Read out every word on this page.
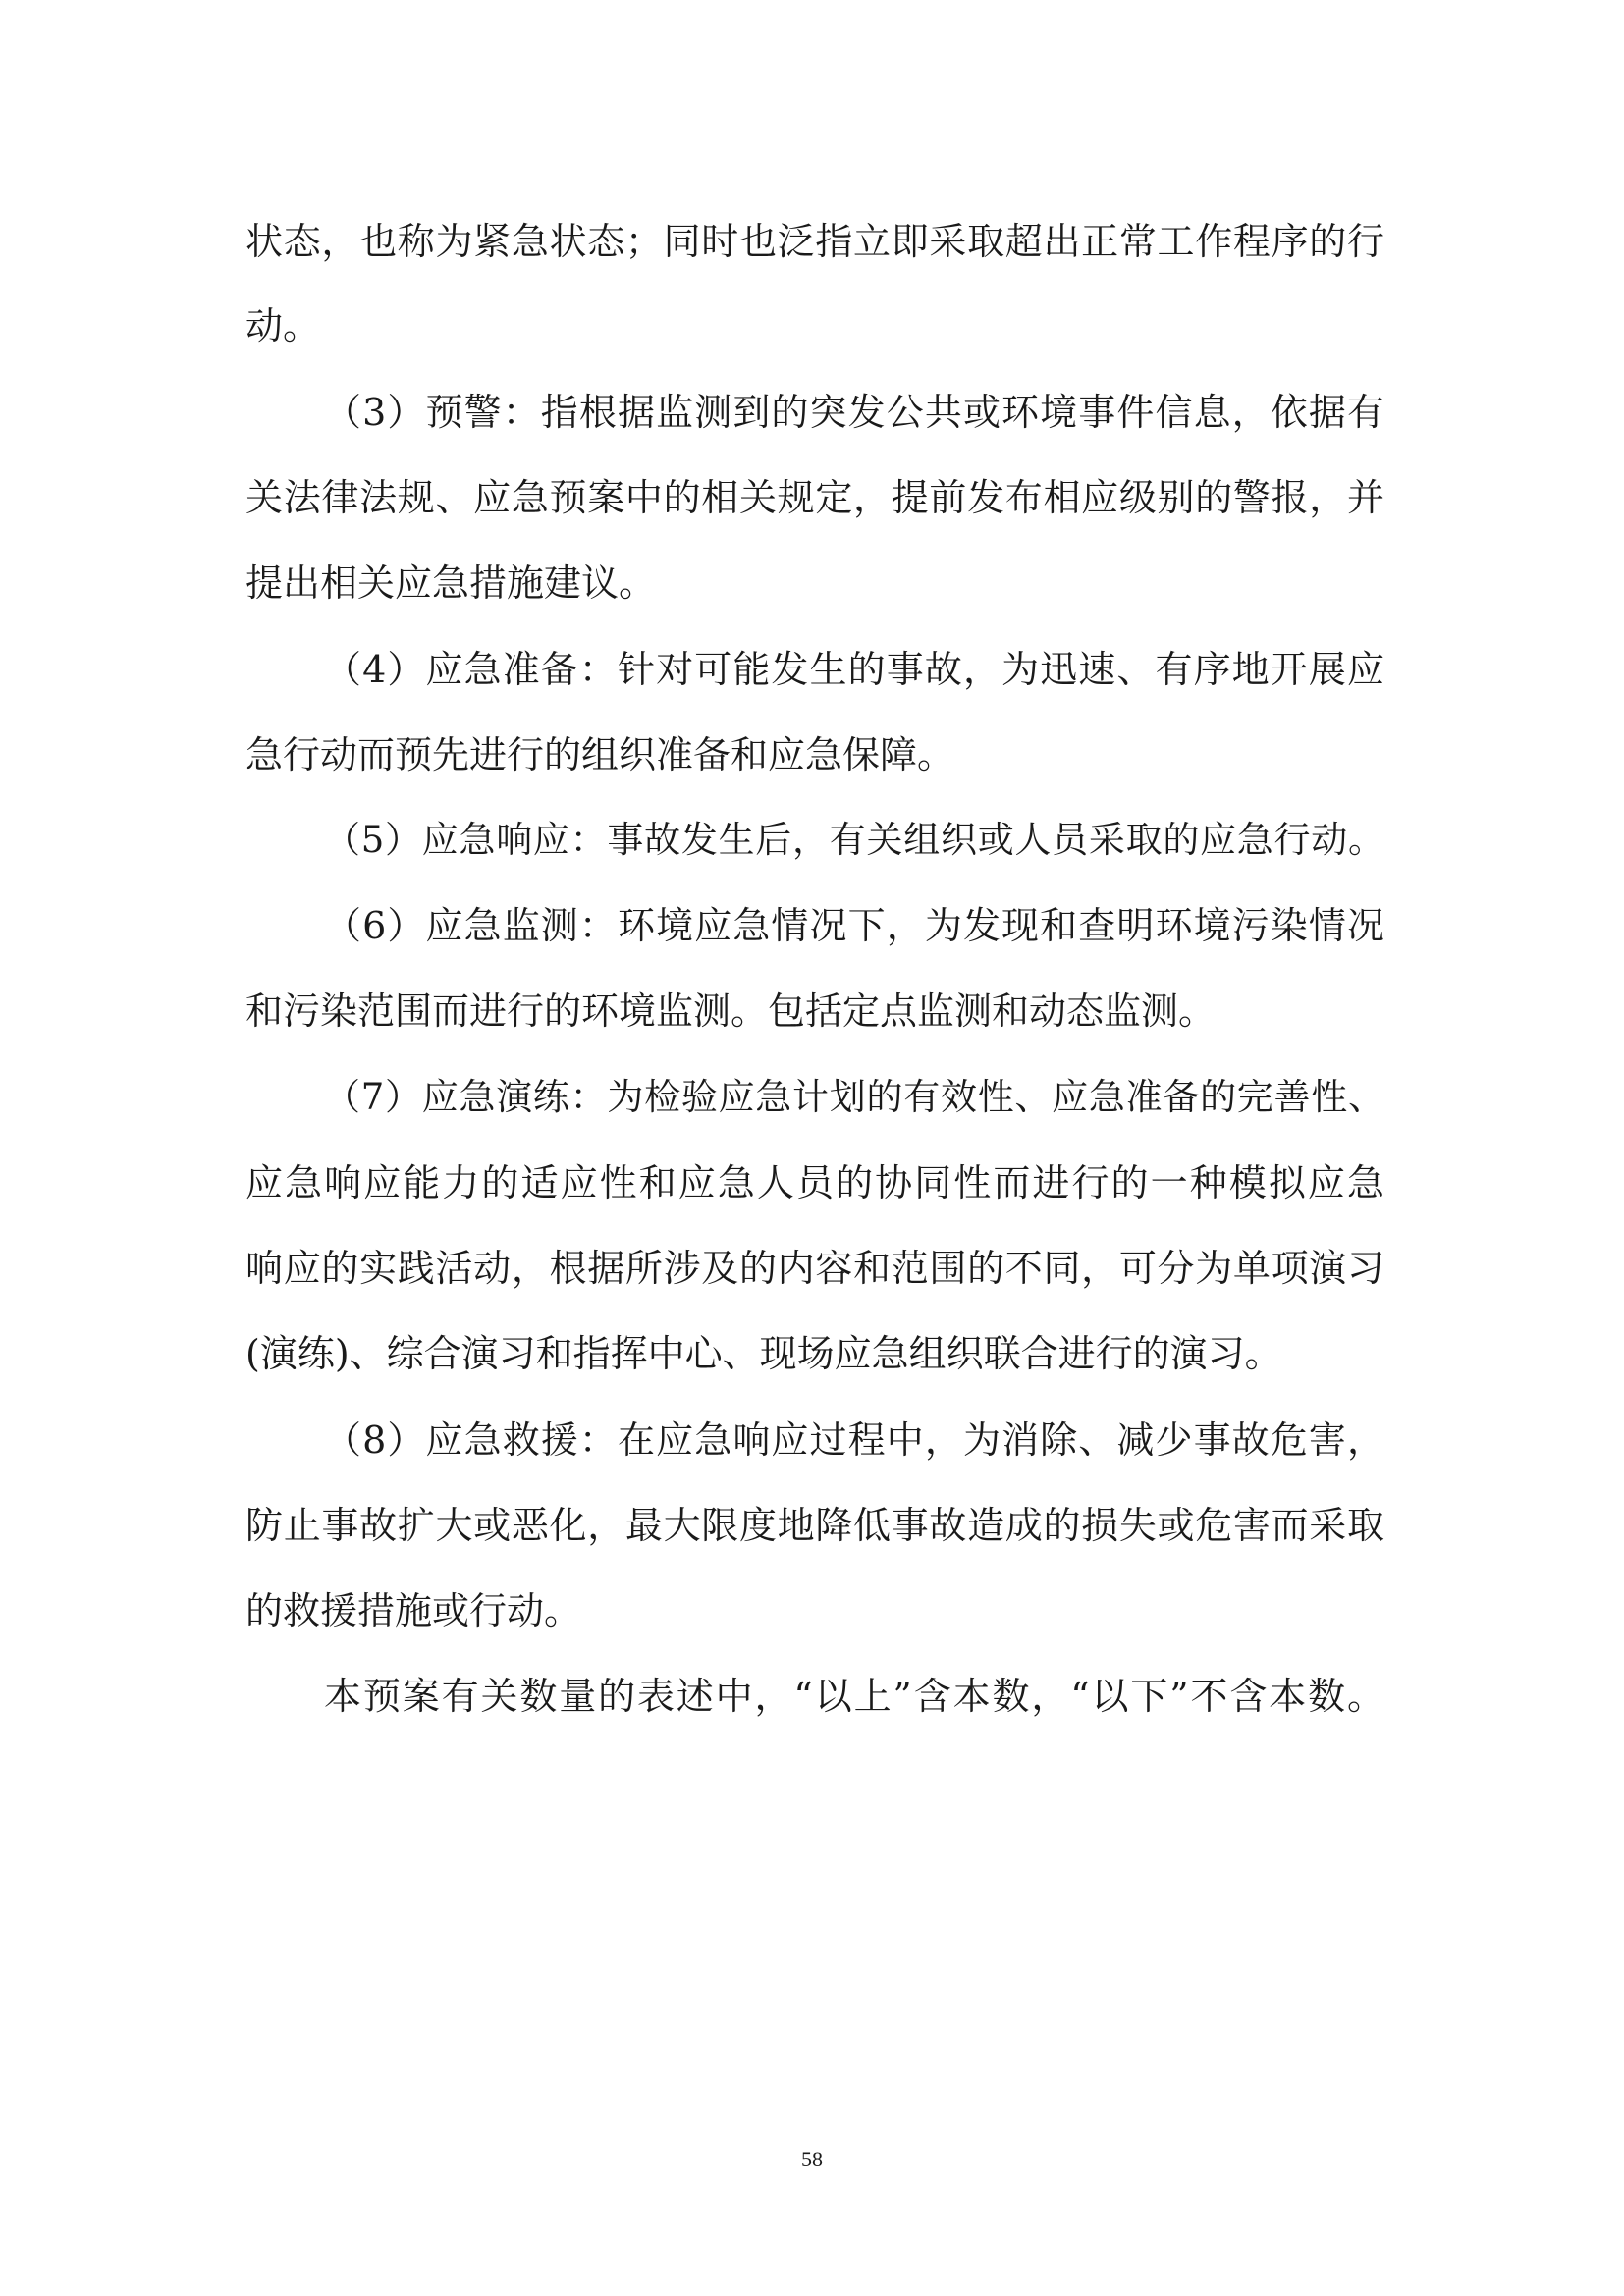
状态，也称为紧急状态；同时也泛指立即采取超出正常工作程序的行
动。
（3）预警：指根据监测到的突发公共或环境事件信息，依据有
关法律法规、应急预案中的相关规定，提前发布相应级别的警报，并
提出相关应急措施建议。
（4）应急准备：针对可能发生的事故，为迅速、有序地开展应
急行动而预先进行的组织准备和应急保障。
（5）应急响应：事故发生后，有关组织或人员采取的应急行动。
（6）应急监测：环境应急情况下，为发现和查明环境污染情况
和污染范围而进行的环境监测。包括定点监测和动态监测。
（7）应急演练：为检验应急计划的有效性、应急准备的完善性、
应急响应能力的适应性和应急人员的协同性而进行的一种模拟应急
响应的实践活动，根据所涉及的内容和范围的不同，可分为单项演习
(演练)、综合演习和指挥中心、现场应急组织联合进行的演习。
（8）应急救援：在应急响应过程中，为消除、减少事故危害，
防止事故扩大或恶化，最大限度地降低事故造成的损失或危害而采取
的救援措施或行动。
本预案有关数量的表述中，“以上”含本数，“以下”不含本数。
58
